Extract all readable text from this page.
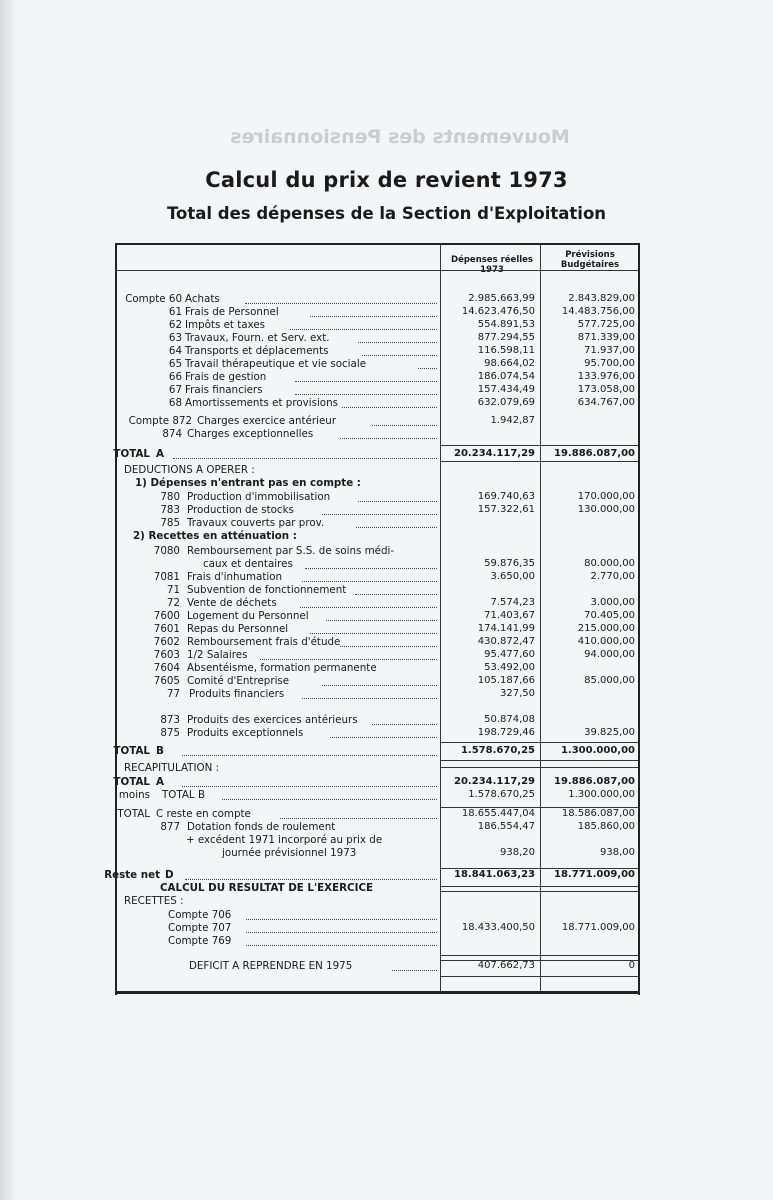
Mouvements des Pensionnaires
Calcul du prix de revient 1973
Total des dépenses de la Section d'Exploitation
Dépenses réelles
1973
Prévisions
Budgétaires
Compte 60 Achats	2.985.663,99	2.843.829,00
61 Frais de Personnel	14.623.476,50	14.483.756,00
62 Impôts et taxes	554.891,53	577.725,00
63 Travaux, Fourn. et Serv. ext.	877.294,55	871.339,00
64 Transports et déplacements	116.598,11	71.937,00
65 Travail thérapeutique et vie sociale	98.664,02	95.700,00
66 Frais de gestion	186.074,54	133.976,00
67 Frais financiers	157.434,49	173.058,00
68 Amortissements et provisions	632.079,69	634.767,00
Compte 872 Charges exercice antérieur	1.942,87
874 Charges exceptionnelles
TOTAL A	20.234.117,29	19.886.087,00
DEDUCTIONS A OPERER :
1) Dépenses n'entrant pas en compte :
780 Production d'immobilisation	169.740,63	170.000,00
783 Production de stocks	157.322,61	130.000,00
785 Travaux couverts par prov.
2) Recettes en atténuation :
7080 Remboursement par S.S. de soins médi-
caux et dentaires	59.876,35	80.000,00
7081 Frais d'inhumation	3.650,00	2.770,00
71 Subvention de fonctionnement
72 Vente de déchets	7.574,23	3.000,00
7600 Logement du Personnel	71.403,67	70.405,00
7601 Repas du Personnel	174.141,99	215.000,00
7602 Remboursement frais d'étude	430.872,47	410.000,00
7603 1/2 Salaires	95.477,60	94.000,00
7604 Absentéisme, formation permanente	53.492,00
7605 Comité d'Entreprise	105.187,66	85.000,00
77 Produits financiers	327,50
873 Produits des exercices antérieurs	50.874,08
875 Produits exceptionnels	198.729,46	39.825,00
TOTAL B	1.578.670,25	1.300.000,00
RECAPITULATION :
TOTAL A	20.234.117,29	19.886.087,00
moins TOTAL B	1.578.670,25	1.300.000,00
TOTAL C reste en compte	18.655.447,04	18.586.087,00
877 Dotation fonds de roulement	186.554,47	185.860,00
+ excédent 1971 incorporé au prix de
journée prévisionnel 1973	938,20	938,00
Reste net D	18.841.063,23	18.771.009,00
CALCUL DU RESULTAT DE L'EXERCICE
RECETTES :
Compte 706
Compte 707	18.433.400,50	18.771.009,00
Compte 769
DEFICIT A REPRENDRE EN 1975	407.662,73	0
